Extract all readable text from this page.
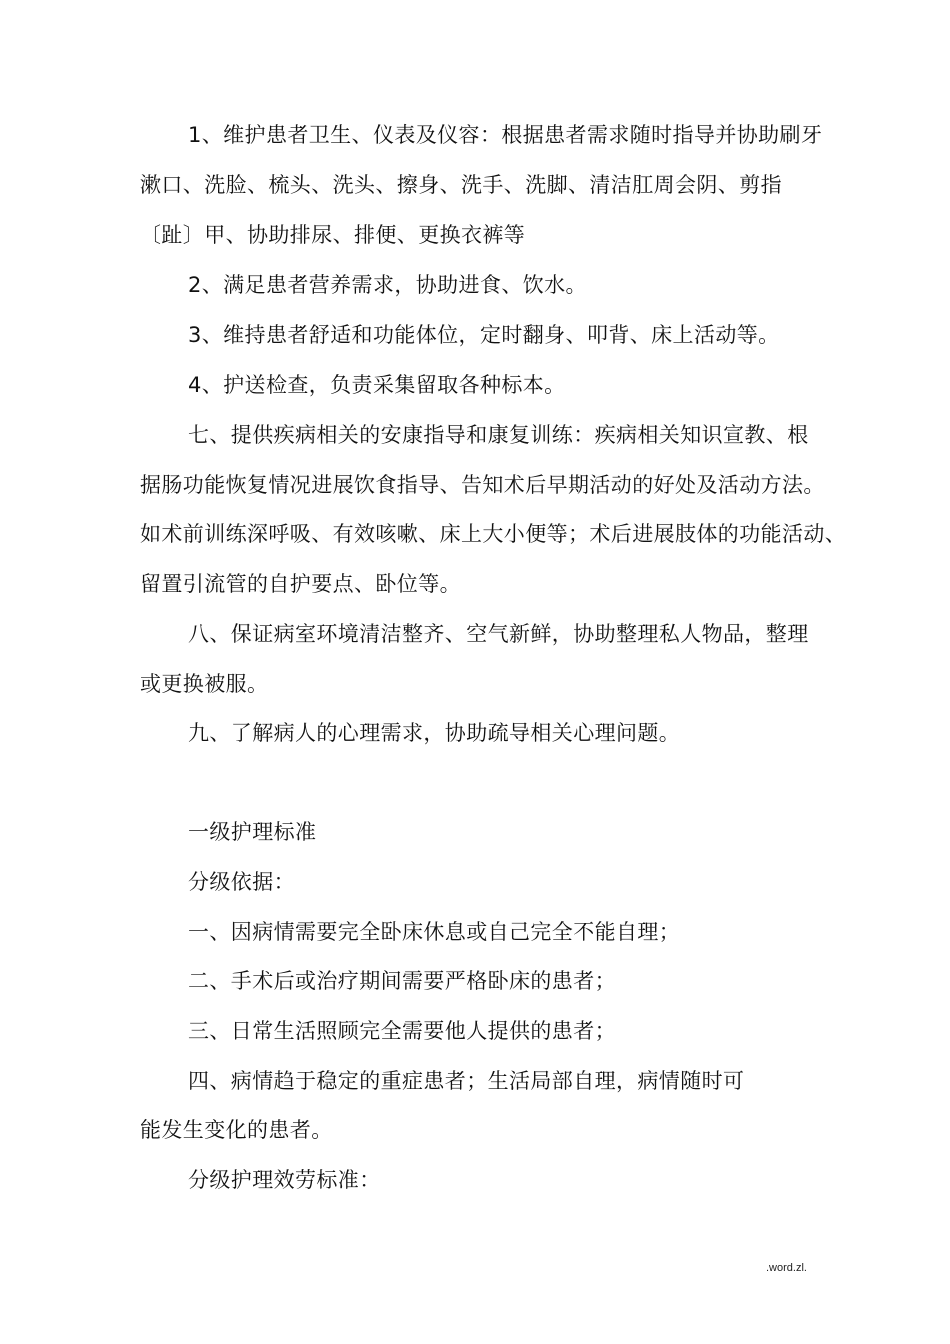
1、维护患者卫生、仪表及仪容：根据患者需求随时指导并协助刷牙
漱口、洗脸、梳头、洗头、擦身、洗手、洗脚、清洁肛周会阴、剪指
〔趾〕甲、协助排尿、排便、更换衣裤等
2、满足患者营养需求，协助进食、饮水。
3、维持患者舒适和功能体位，定时翻身、叩背、床上活动等。
4、护送检查，负责采集留取各种标本。
七、提供疾病相关的安康指导和康复训练：疾病相关知识宣教、根
据肠功能恢复情况进展饮食指导、告知术后早期活动的好处及活动方法。
如术前训练深呼吸、有效咳嗽、床上大小便等；术后进展肢体的功能活动、
留置引流管的自护要点、卧位等。
八、保证病室环境清洁整齐、空气新鲜，协助整理私人物品，整理
或更换被服。
九、了解病人的心理需求，协助疏导相关心理问题。
一级护理标准
分级依据：
一、因病情需要完全卧床休息或自己完全不能自理；
二、手术后或治疗期间需要严格卧床的患者；
三、日常生活照顾完全需要他人提供的患者；
四、病情趋于稳定的重症患者；生活局部自理，病情随时可
能发生变化的患者。
分级护理效劳标准：
.word.zl.
